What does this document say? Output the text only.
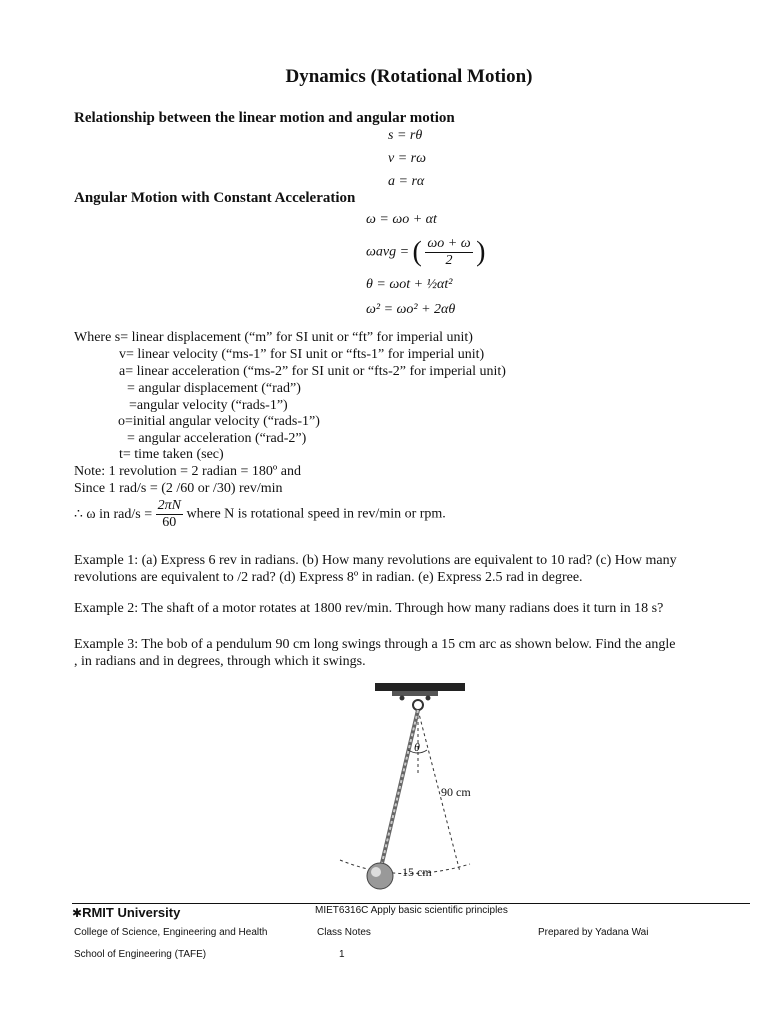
Dynamics (Rotational Motion)
Relationship between the linear motion and angular motion
s = rθ
v = rω
a = rα
Angular Motion with Constant Acceleration
ω = ωo + αt
ωavg = ( $\frac{\omega o + \omega}{2}$ )
θ = ωot + ½αt²
ω² = ωo² + 2αθ
Where s= linear displacement (“m” for SI unit or “ft” for imperial unit)
v= linear velocity (“ms-1” for SI unit or “fts-1” for imperial unit)
a= linear acceleration (“ms-2” for SI unit or “fts-2” for imperial unit)
= angular displacement (“rad”)
=angular velocity (“rads-1”)
o=initial angular velocity (“rads-1”)
= angular acceleration (“rad-2”)
t= time taken (sec)
Note: 1 revolution = 2 radian = 180º and
Since 1 rad/s = (2 /60 or /30) rev/min
∴ ω in $rad/s = \frac{2\pi N}{60}$ where N is rotational speed in rev/min or rpm.
Example 1: (a) Express 6 rev in radians. (b) How many revolutions are equivalent to 10 rad? (c) How many
revolutions are equivalent to /2 rad? (d) Express 8º in radian. (e) Express 2.5 rad in degree.
Example 2: The shaft of a motor rotates at 1800 rev/min. Through how many radians does it turn in 18 s?
Example 3: The bob of a pendulum 90 cm long swings through a 15 cm arc as shown below. Find the angle
, in radians and in degrees, through which it swings.
θ
90 cm
15 cm
✱RMIT University	MIET6316C Apply basic scientific principles
College of Science, Engineering and Health	Class Notes	Prepared by Yadana Wai
School of Engineering (TAFE)	1
